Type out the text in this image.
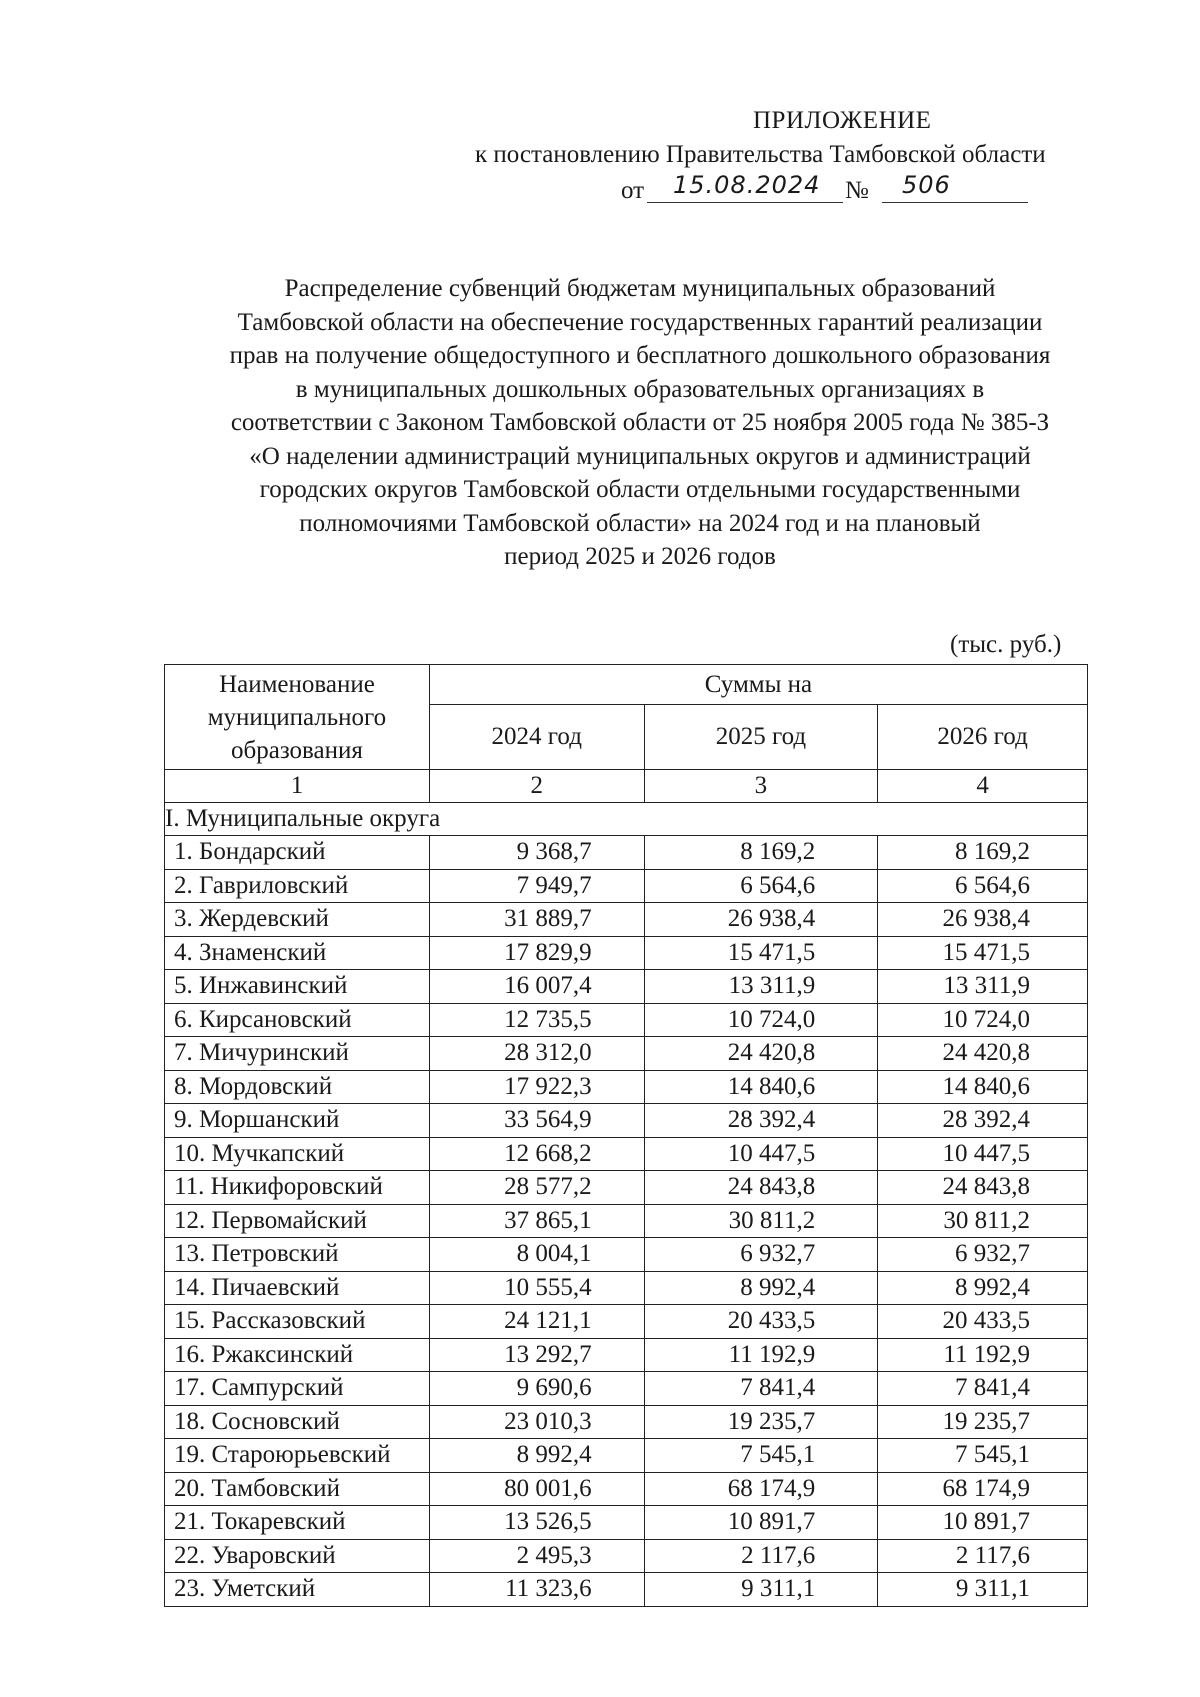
ПРИЛОЖЕНИЕ
к постановлению Правительства Тамбовской области
от 15.08.2024 № 506
Распределение субвенций бюджетам муниципальных образований
Тамбовской области на обеспечение государственных гарантий реализации
прав на получение общедоступного и бесплатного дошкольного образования
в муниципальных дошкольных образовательных организациях в
соответствии с Законом Тамбовской области от 25 ноября 2005 года № 385-З
«О наделении администраций муниципальных округов и администраций
городских округов Тамбовской области отдельными государственными
полномочиями Тамбовской области» на 2024 год и на плановый
период 2025 и 2026 годов
(тыс. руб.)
Наименование
муниципального
образования	Суммы на		
	2024 год	2025 год	2026 год
1	2	3	4
I. Муниципальные округа			
1. Бондарский	9 368,7	8 169,2	8 169,2
2. Гавриловский	7 949,7	6 564,6	6 564,6
3. Жердевский	31 889,7	26 938,4	26 938,4
4. Знаменский	17 829,9	15 471,5	15 471,5
5. Инжавинский	16 007,4	13 311,9	13 311,9
6. Кирсановский	12 735,5	10 724,0	10 724,0
7. Мичуринский	28 312,0	24 420,8	24 420,8
8. Мордовский	17 922,3	14 840,6	14 840,6
9. Моршанский	33 564,9	28 392,4	28 392,4
10. Мучкапский	12 668,2	10 447,5	10 447,5
11. Никифоровский	28 577,2	24 843,8	24 843,8
12. Первомайский	37 865,1	30 811,2	30 811,2
13. Петровский	8 004,1	6 932,7	6 932,7
14. Пичаевский	10 555,4	8 992,4	8 992,4
15. Рассказовский	24 121,1	20 433,5	20 433,5
16. Ржаксинский	13 292,7	11 192,9	11 192,9
17. Сампурский	9 690,6	7 841,4	7 841,4
18. Сосновский	23 010,3	19 235,7	19 235,7
19. Староюрьевский	8 992,4	7 545,1	7 545,1
20. Тамбовский	80 001,6	68 174,9	68 174,9
21. Токаревский	13 526,5	10 891,7	10 891,7
22. Уваровский	2 495,3	2 117,6	2 117,6
23. Уметский	11 323,6	9 311,1	9 311,1
